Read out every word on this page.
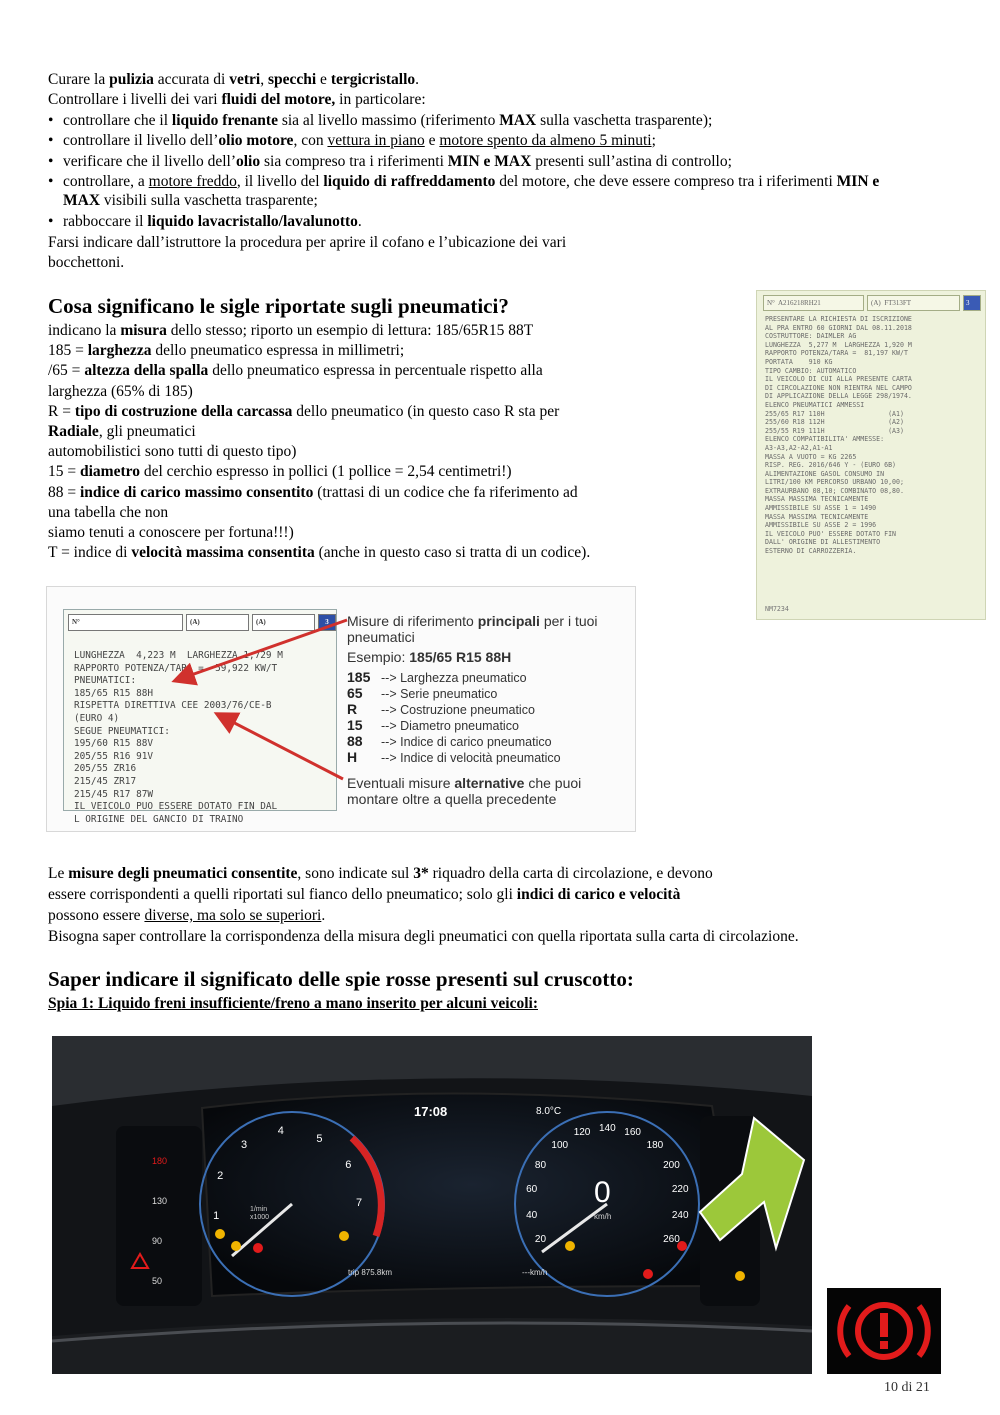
Curare la pulizia accurata di vetri, specchi e tergicristallo.
Controllare i livelli dei vari fluidi del motore, in particolare:
• controllare che il liquido frenante sia al livello massimo (riferimento MAX sulla vaschetta trasparente);
• controllare il livello dell’olio motore, con vettura in piano e motore spento da almeno 5 minuti;
• verificare che il livello dell’olio sia compreso tra i riferimenti MIN e MAX presenti sull’astina di controllo;
• controllare, a motore freddo, il livello del liquido di raffreddamento del motore, che deve essere compreso tra i riferimenti MIN e MAX visibili sulla vaschetta trasparente;
• rabboccare il liquido lavacristallo/lavalunotto.
Farsi indicare dall’istruttore la procedura per aprire il cofano e l’ubicazione dei vari
bocchettoni.
Cosa significano le sigle riportate sugli pneumatici?
indicano la misura dello stesso; riporto un esempio di lettura: 185/65R15 88T
185 = larghezza dello pneumatico espressa in millimetri;
/65 = altezza della spalla dello pneumatico espressa in percentuale rispetto alla
larghezza (65% di 185)
R = tipo di costruzione della carcassa dello pneumatico (in questo caso R sta per
Radiale, gli pneumatici
automobilistici sono tutti di questo tipo)
15 = diametro del cerchio espresso in pollici (1 pollice = 2,54 centimetri!)
88 = indice di carico massimo consentito (trattasi di un codice che fa riferimento ad
una tabella che non
siamo tenuti a conoscere per fortuna!!!)
T = indice di velocità massima consentita (anche in questo caso si tratta di un codice).
N° A216218RH21	(A) FT313FT	3
PRESENTARE LA RICHIESTA DI ISCRIZIONE
AL PRA ENTRO 60 GIORNI DAL 08.11.2018
COSTRUTTORE: DAIMLER AG
LUNGHEZZA  5,277 M  LARGHEZZA 1,920 M
RAPPORTO POTENZA/TARA =  81,197 KW/T
PORTATA    910 KG
TIPO CAMBIO: AUTOMATICO
IL VEICOLO DI CUI ALLA PRESENTE CARTA
DI CIRCOLAZIONE NON RIENTRA NEL CAMPO
DI APPLICAZIONE DELLA LEGGE 298/1974.
ELENCO PNEUMATICI AMMESSI
255/65 R17 110H                (A1)
255/60 R18 112H                (A2)
255/55 R19 111H                (A3)
ELENCO COMPATIBILITA' AMMESSE:
A3-A3,A2-A2,A1-A1
MASSA A VUOTO = KG 2265
RISP. REG. 2016/646 Y - (EURO 6B)
ALIMENTAZIONE GASOL CONSUMO IN
LITRI/100 KM PERCORSO URBANO 10,00;
EXTRAURBANO 08,10; COMBINATO 08,80.
MASSA MASSIMA TECNICAMENTE
AMMISSIBILE SU ASSE 1 = 1490
MASSA MASSIMA TECNICAMENTE
AMMISSIBILE SU ASSE 2 = 1996
IL VEICOLO PUO' ESSERE DOTATO FIN
DALL' ORIGINE DI ALLESTIMENTO
ESTERNO DI CARROZZERIA.
NM7234
N°	(A)	(A)	3
LUNGHEZZA  4,223 M  LARGHEZZA 1,729 M
RAPPORTO POTENZA/TARA =  59,922 KW/T
PNEUMATICI:
185/65 R15 88H
RISPETTA DIRETTIVA CEE 2003/76/CE-B
(EURO 4)
SEGUE PNEUMATICI:
195/60 R15 88V
205/55 R16 91V
205/55 ZR16
215/45 ZR17
215/45 R17 87W
IL VEICOLO PUO ESSERE DOTATO FIN DAL
L ORIGINE DEL GANCIO DI TRAINO
Misure di riferimento principali per i tuoi
pneumatici
Esempio: 185/65 R15 88H
185 --> Larghezza pneumatico
65 --> Serie pneumatico
R --> Costruzione pneumatico
15 --> Diametro pneumatico
88 --> Indice di carico pneumatico
H --> Indice di velocità pneumatico
Eventuali misure alternative che puoi
montare oltre a quella precedente
Le misure degli pneumatici consentite, sono indicate sul 3* riquadro della carta di circolazione, e devono
essere corrispondenti a quelli riportati sul fianco dello pneumatico; solo gli indici di carico e velocità
possono essere diverse, ma solo se superiori.
Bisogna saper controllare la corrispondenza della misura degli pneumatici con quella riportata sulla carta di circolazione.
Saper indicare il significato delle spie rosse presenti sul cruscotto:
Spia 1: Liquido freni insufficiente/freno a mano inserito per alcuni veicoli:
17:08	8.0°C
0
km/h
1/min
x1000
trip 875.8km	---km/h
1
2
3
4
5
6
7
20
40
60
80
100
120 140 160
180
200
220
240
260
180
130
90
50
10 di 21
